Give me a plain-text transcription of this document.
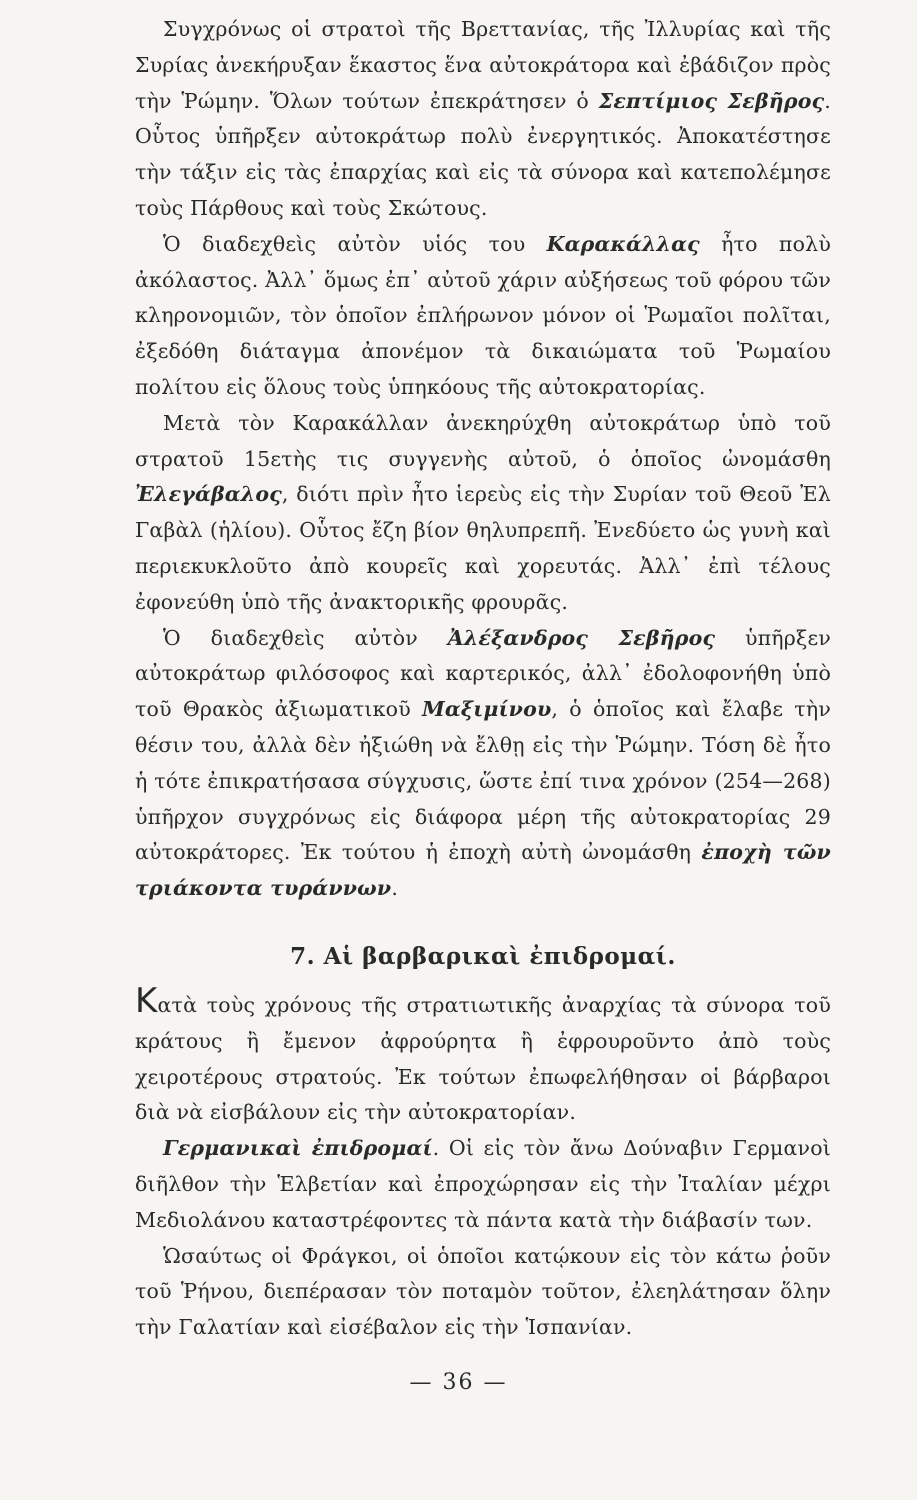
Συγχρόνως οἱ στρατοὶ τῆς Βρεττανίας, τῆς Ἰλλυρίας καὶ τῆς Συρίας ἀνεκήρυξαν ἕκαστος ἕνα αὐτοκράτορα καὶ ἐβάδιζον πρὸς τὴν Ῥώμην. Ὅλων τούτων ἐπεκράτησεν ὁ Σεπτίμιος Σεβῆρος. Οὗτος ὑπῆρξεν αὐτοκράτωρ πολὺ ἐνεργητικός. Ἀποκατέστησε τὴν τάξιν εἰς τὰς ἐπαρχίας καὶ εἰς τὰ σύνορα καὶ κατεπολέμησε τοὺς Πάρθους καὶ τοὺς Σκώτους.

Ὁ διαδεχθεὶς αὐτὸν υἱός του Καρακάλλας ἦτο πολὺ ἀκόλαστος. Ἀλλ᾽ ὅμως ἐπ᾽ αὐτοῦ χάριν αὐξήσεως τοῦ φόρου τῶν κληρονομιῶν, τὸν ὁποῖον ἐπλήρωνον μόνον οἱ Ῥωμαῖοι πολῖται, ἐξεδόθη διάταγμα ἀπονέμον τὰ δικαιώματα τοῦ Ῥωμαίου πολίτου εἰς ὅλους τοὺς ὑπηκόους τῆς αὐτοκρατορίας.

Μετὰ τὸν Καρακάλλαν ἀνεκηρύχθη αὐτοκράτωρ ὑπὸ τοῦ στρατοῦ 15ετὴς τις συγγενὴς αὐτοῦ, ὁ ὁποῖος ὠνομάσθη Ἐλεγάβαλος, διότι πρὶν ἦτο ἱερεὺς εἰς τὴν Συρίαν τοῦ Θεοῦ Ἐλ Γαβὰλ (ἡλίου). Οὗτος ἔζη βίον θηλυπρεπῆ. Ἐνεδύετο ὡς γυνὴ καὶ περιεκυκλοῦτο ἀπὸ κουρεῖς καὶ χορευτάς. Ἀλλ᾽ ἐπὶ τέλους ἐφονεύθη ὑπὸ τῆς ἀνακτορικῆς φρουρᾶς.

Ὁ διαδεχθεὶς αὐτὸν Ἀλέξανδρος Σεβῆρος ὑπῆρξεν αὐτοκράτωρ φιλόσοφος καὶ καρτερικός, ἀλλ᾽ ἐδολοφονήθη ὑπὸ τοῦ Θρακὸς ἀξιωματικοῦ Μαξιμίνου, ὁ ὁποῖος καὶ ἔλαβε τὴν θέσιν του, ἀλλὰ δὲν ἠξιώθη νὰ ἔλθῃ εἰς τὴν Ῥώμην. Τόση δὲ ἦτο ἡ τότε ἐπικρατήσασα σύγχυσις, ὥστε ἐπί τινα χρόνον (254—268) ὑπῆρχον συγχρόνως εἰς διάφορα μέρη τῆς αὐτοκρατορίας 29 αὐτοκράτορες. Ἐκ τούτου ἡ ἐποχὴ αὐτὴ ὠνομάσθη ἐποχὴ τῶν τριάκοντα τυράννων.

7. Αἱ βαρβαρικαὶ ἐπιδρομαί.

Κατὰ τοὺς χρόνους τῆς στρατιωτικῆς ἀναρχίας τὰ σύνορα τοῦ κράτους ἢ ἔμενον ἀφρούρητα ἢ ἐφρουροῦντο ἀπὸ τοὺς χειροτέρους στρατούς. Ἐκ τούτων ἐπωφελήθησαν οἱ βάρβαροι διὰ νὰ εἰσβάλουν εἰς τὴν αὐτοκρατορίαν.

Γερμανικαὶ ἐπιδρομαί. Οἱ εἰς τὸν ἄνω Δούναβιν Γερμανοὶ διῆλθον τὴν Ἑλβετίαν καὶ ἐπροχώρησαν εἰς τὴν Ἰταλίαν μέχρι Μεδιολάνου καταστρέφοντες τὰ πάντα κατὰ τὴν διάβασίν των.

Ὡσαύτως οἱ Φράγκοι, οἱ ὁποῖοι κατῴκουν εἰς τὸν κάτω ῥοῦν τοῦ Ῥήνου, διεπέρασαν τὸν ποταμὸν τοῦτον, ἐλεηλάτησαν ὅλην τὴν Γαλατίαν καὶ εἰσέβαλον εἰς τὴν Ἱσπανίαν.

— 36 —
